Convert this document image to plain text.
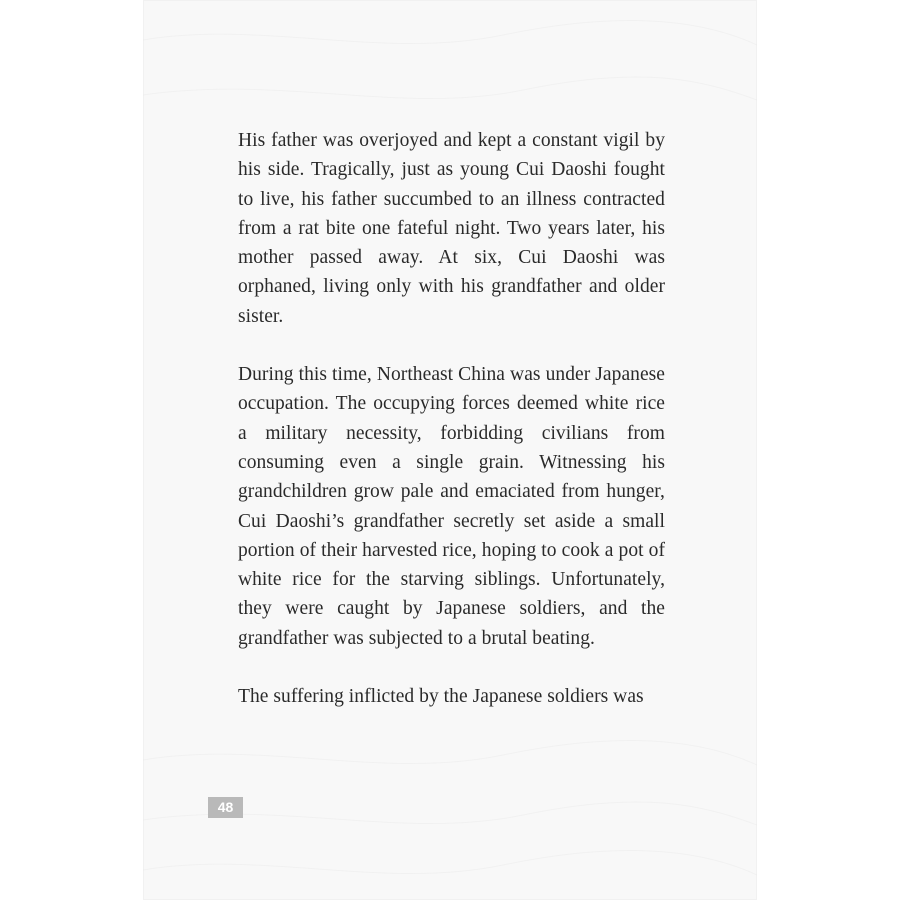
His father was overjoyed and kept a constant vigil by his side. Tragically, just as young Cui Daoshi fought to live, his father succumbed to an illness contracted from a rat bite one fateful night. Two years later, his mother passed away. At six, Cui Daoshi was orphaned, living only with his grandfather and older sister.

During this time, Northeast China was under Japanese occupation. The occupying forces deemed white rice a military necessity, forbidding civilians from consuming even a single grain. Witnessing his grandchildren grow pale and emaciated from hunger, Cui Daoshi’s grandfather secretly set aside a small portion of their harvested rice, hoping to cook a pot of white rice for the starving siblings. Unfortunately, they were caught by Japanese soldiers, and the grandfather was subjected to a brutal beating.

The suffering inflicted by the Japanese soldiers was

48
